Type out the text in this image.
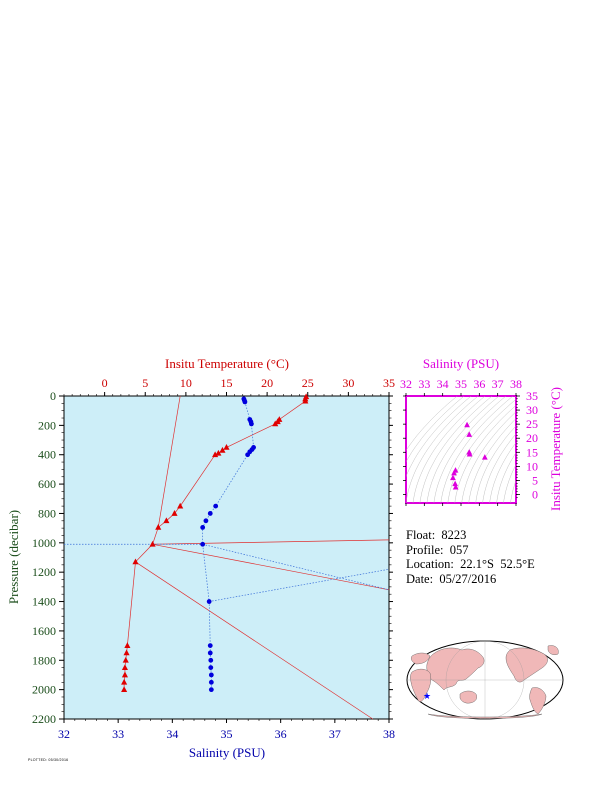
0	5	10 15 20 25 30 35
32	33	34	35	36	37	38
0
200
400
600
800
1000
1200
1400
1600
1800
2000
2200
Insitu Temperature (°C)
Salinity (PSU)
Pressure (decibar)
32 33 34 35 36 37 38
0
5
10
15
20
25
30
35
Salinity (PSU)
Insitu Temperature (°C)
★
Float:  8223
Profile:  057
Location:  22.1°S  52.5°E
Date:  05/27/2016
PLOTTED: 05/30/2016
